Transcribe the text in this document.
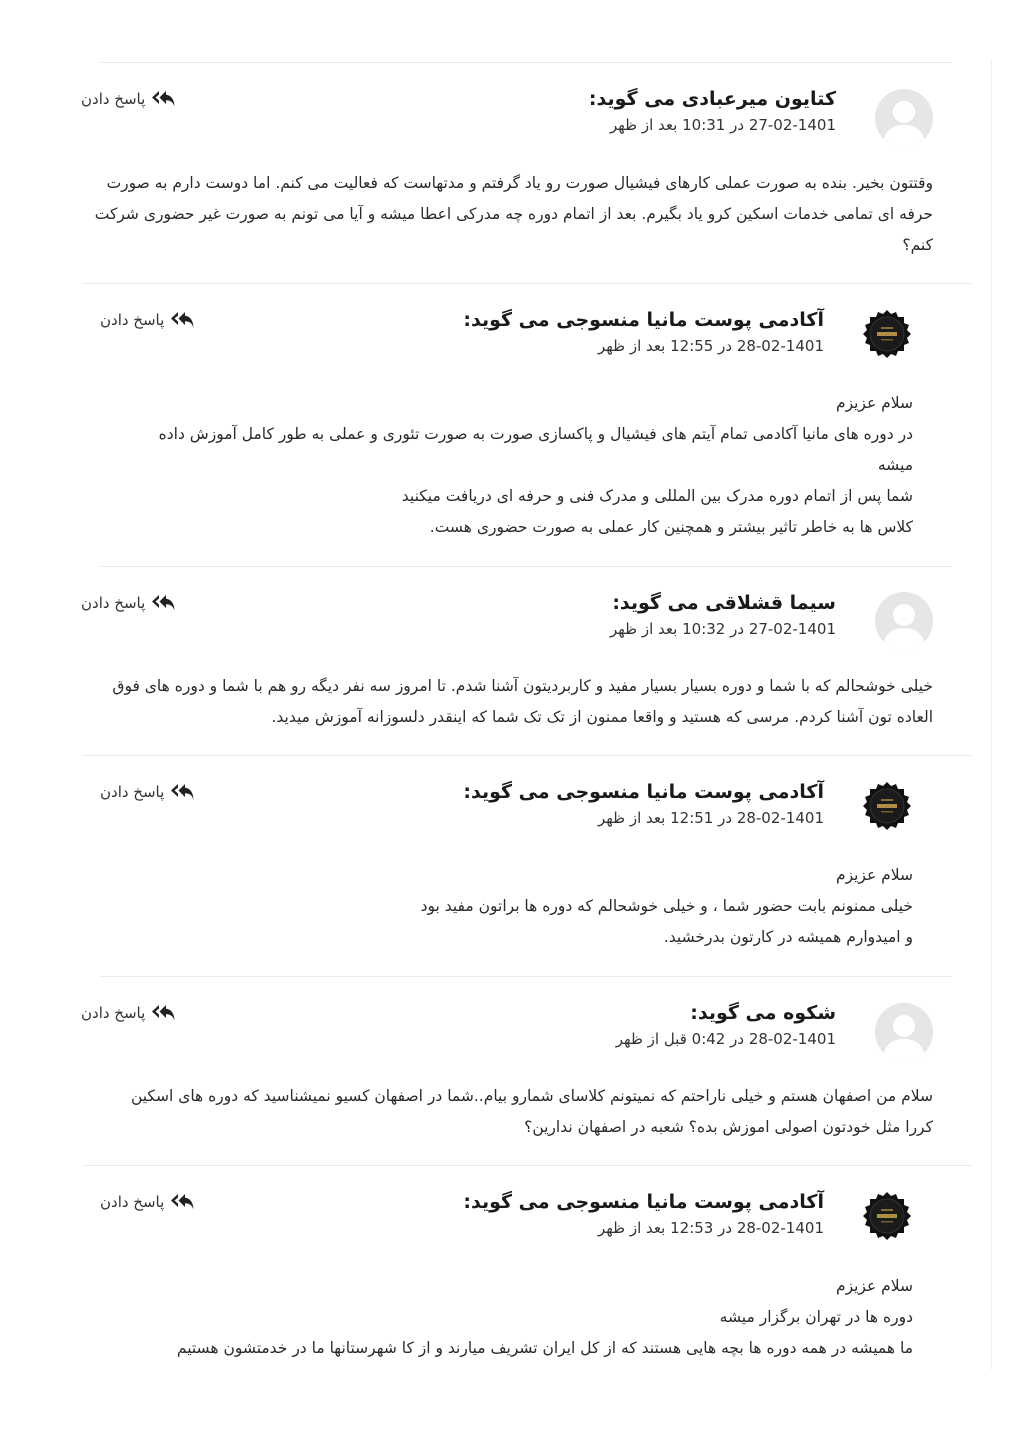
کتایون میرعبادی می گوید:
27-02-1401 در 10:31 بعد از ظهر
پاسخ دادن

وقتتون بخیر. بنده به صورت عملی کارهای فیشیال صورت رو یاد گرفتم و مدتهاست که فعالیت می کنم. اما دوست دارم به صورت حرفه ای تمامی خدمات اسکین کرو یاد بگیرم. بعد از اتمام دوره چه مدرکی اعطا میشه و آیا می تونم به صورت غیر حضوری شرکت کنم؟

آکادمی پوست مانیا منسوجی می گوید:
28-02-1401 در 12:55 بعد از ظهر
پاسخ دادن

سلام عزیزم

در دوره های مانیا آکادمی تمام آیتم های فیشیال و پاکسازی صورت به صورت تئوری و عملی به طور کامل آموزش داده میشه

شما پس از اتمام دوره مدرک بین المللی و مدرک فنی و حرفه ای دریافت میکنید

کلاس ها به خاطر تاثیر بیشتر و همچنین کار عملی به صورت حضوری هست.

سیما قشلاقی می گوید:
27-02-1401 در 10:32 بعد از ظهر
پاسخ دادن

خیلی خوشحالم که با شما و دوره بسیار بسیار مفید و کاربردیتون آشنا شدم. تا امروز سه نفر دیگه رو هم با شما و دوره های فوق العاده تون آشنا کردم. مرسی که هستید و واقعا ممنون از تک تک شما که اینقدر دلسوزانه آموزش میدید.

آکادمی پوست مانیا منسوجی می گوید:
28-02-1401 در 12:51 بعد از ظهر
پاسخ دادن

سلام عزیزم

خیلی ممنونم بابت حضور شما ، و خیلی خوشحالم که دوره ها براتون مفید بود

و امیدوارم همیشه در کارتون بدرخشید.

شکوه می گوید:
28-02-1401 در 0:42 قبل از ظهر
پاسخ دادن

سلام من اصفهان هستم و خیلی ناراحتم که نمیتونم کلاسای شمارو بیام..شما در اصفهان کسیو نمیشناسید که دوره های اسکین کررا مثل خودتون اصولی اموزش بده؟ شعبه در اصفهان ندارین؟

آکادمی پوست مانیا منسوجی می گوید:
28-02-1401 در 12:53 بعد از ظهر
پاسخ دادن

سلام عزیزم

دوره ها در تهران برگزار میشه

ما همیشه در همه دوره ها بچه هایی هستند که از کل ایران تشریف میارند و از کا شهرستانها ما در خدمتشون هستیم
